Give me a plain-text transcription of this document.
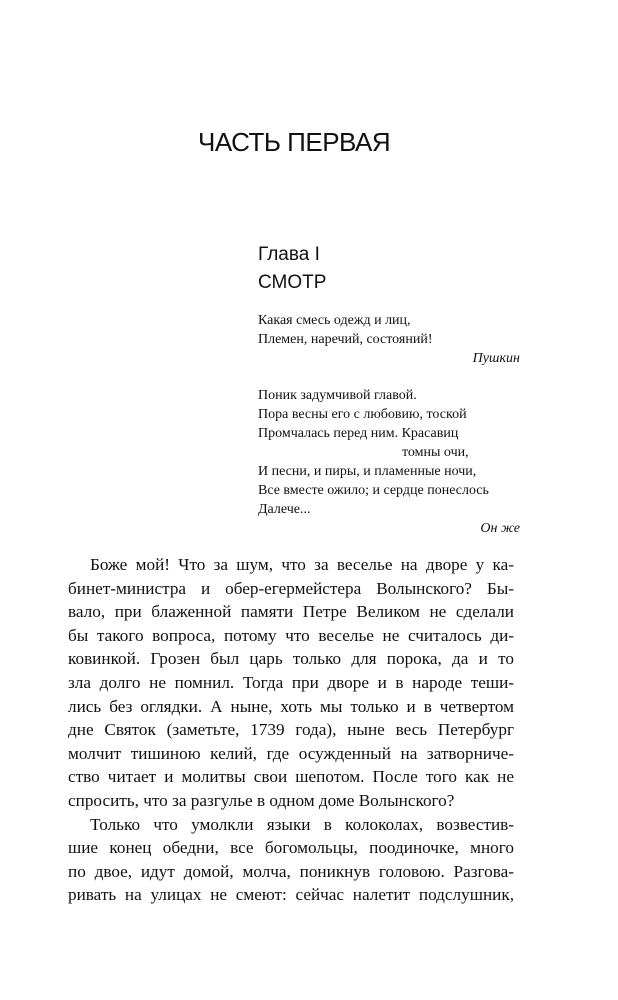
ЧАСТЬ ПЕРВАЯ
Глава I
СМОТР
Какая смесь одежд и лиц,
Племен, наречий, состояний!
Пушкин
Поник задумчивой главой.
Пора весны его с любовию, тоской
Промчалась перед ним. Красавиц
томны очи,
И песни, и пиры, и пламенные ночи,
Все вместе ожило; и сердце понеслось
Далече...
Он же
Боже мой! Что за шум, что за веселье на дворе у ка-
бинет-министра и обер-егермейстера Волынского? Бы-
вало, при блаженной памяти Петре Великом не сделали
бы такого вопроса, потому что веселье не считалось ди-
ковинкой. Грозен был царь только для порока, да и то
зла долго не помнил. Тогда при дворе и в народе теши-
лись без оглядки. А ныне, хоть мы только и в четвертом
дне Святок (заметьте, 1739 года), ныне весь Петербург
молчит тишиною келий, где осужденный на затворниче-
ство читает и молитвы свои шепотом. После того как не
спросить, что за разгулье в одном доме Волынского?
Только что умолкли языки в колоколах, возвестив-
шие конец обедни, все богомольцы, поодиночке, много
по двое, идут домой, молча, поникнув головою. Разгова-
ривать на улицах не смеют: сейчас налетит подслушник,
